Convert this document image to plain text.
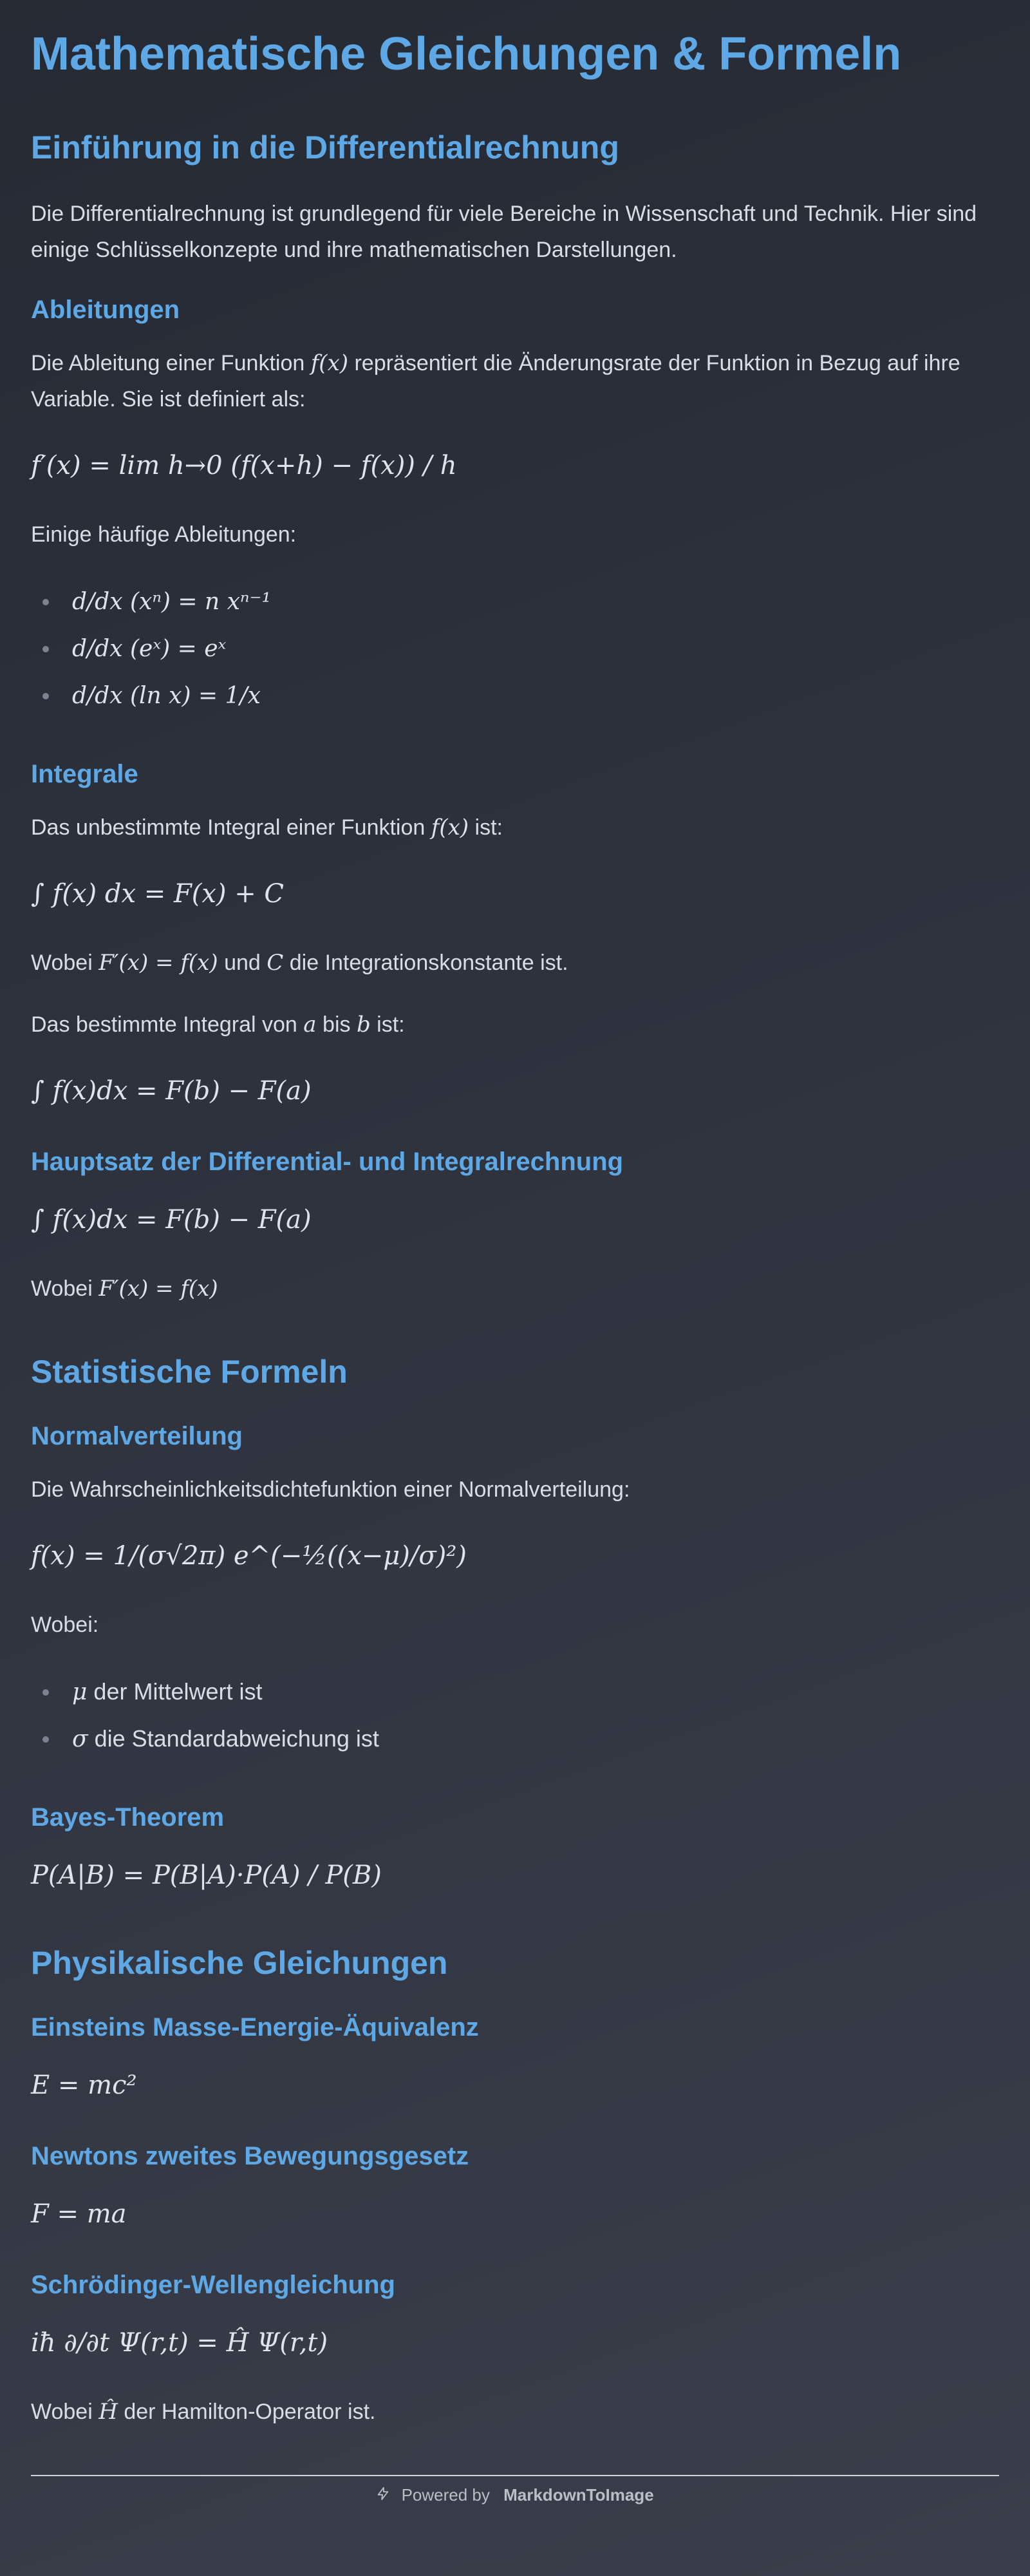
Mathematische Gleichungen & Formeln
Einführung in die Differentialrechnung

Die Differentialrechnung ist grundlegend für viele Bereiche in Wissenschaft und Technik. Hier sind einige Schlüsselkonzepte und ihre mathematischen Darstellungen.

Ableitungen

Die Ableitung einer Funktion f(x) repräsentiert die Änderungsrate der Funktion in Bezug auf ihre Variable. Sie ist definiert als:

f′(x) = lim h→0 (f(x+h) − f(x)) / h

Einige häufige Ableitungen:

d/dx (xⁿ) = n xⁿ⁻¹
d/dx (eˣ) = eˣ
d/dx (ln x) = 1/x
Integrale

Das unbestimmte Integral einer Funktion f(x) ist:

∫ f(x) dx = F(x) + C

Wobei F′(x) = f(x) und C die Integrationskonstante ist.

Das bestimmte Integral von a bis b ist:

∫ f(x)dx = F(b) − F(a)
Hauptsatz der Differential- und Integralrechnung
∫ f(x)dx = F(b) − F(a)

Wobei F′(x) = f(x)

Statistische Formeln
Normalverteilung

Die Wahrscheinlichkeitsdichtefunktion einer Normalverteilung:

f(x) = 1/(σ√2π) e^(−½((x−μ)/σ)²)

Wobei:

μ der Mittelwert ist
σ die Standardabweichung ist
Bayes-Theorem
P(A|B) = P(B|A)·P(A) / P(B)
Physikalische Gleichungen
Einsteins Masse-Energie-Äquivalenz
E = mc²
Newtons zweites Bewegungsgesetz
F = ma
Schrödinger-Wellengleichung
iħ ∂/∂t Ψ(r,t) = Ĥ Ψ(r,t)

Wobei Ĥ der Hamilton-Operator ist.

Powered by MarkdownToImage
